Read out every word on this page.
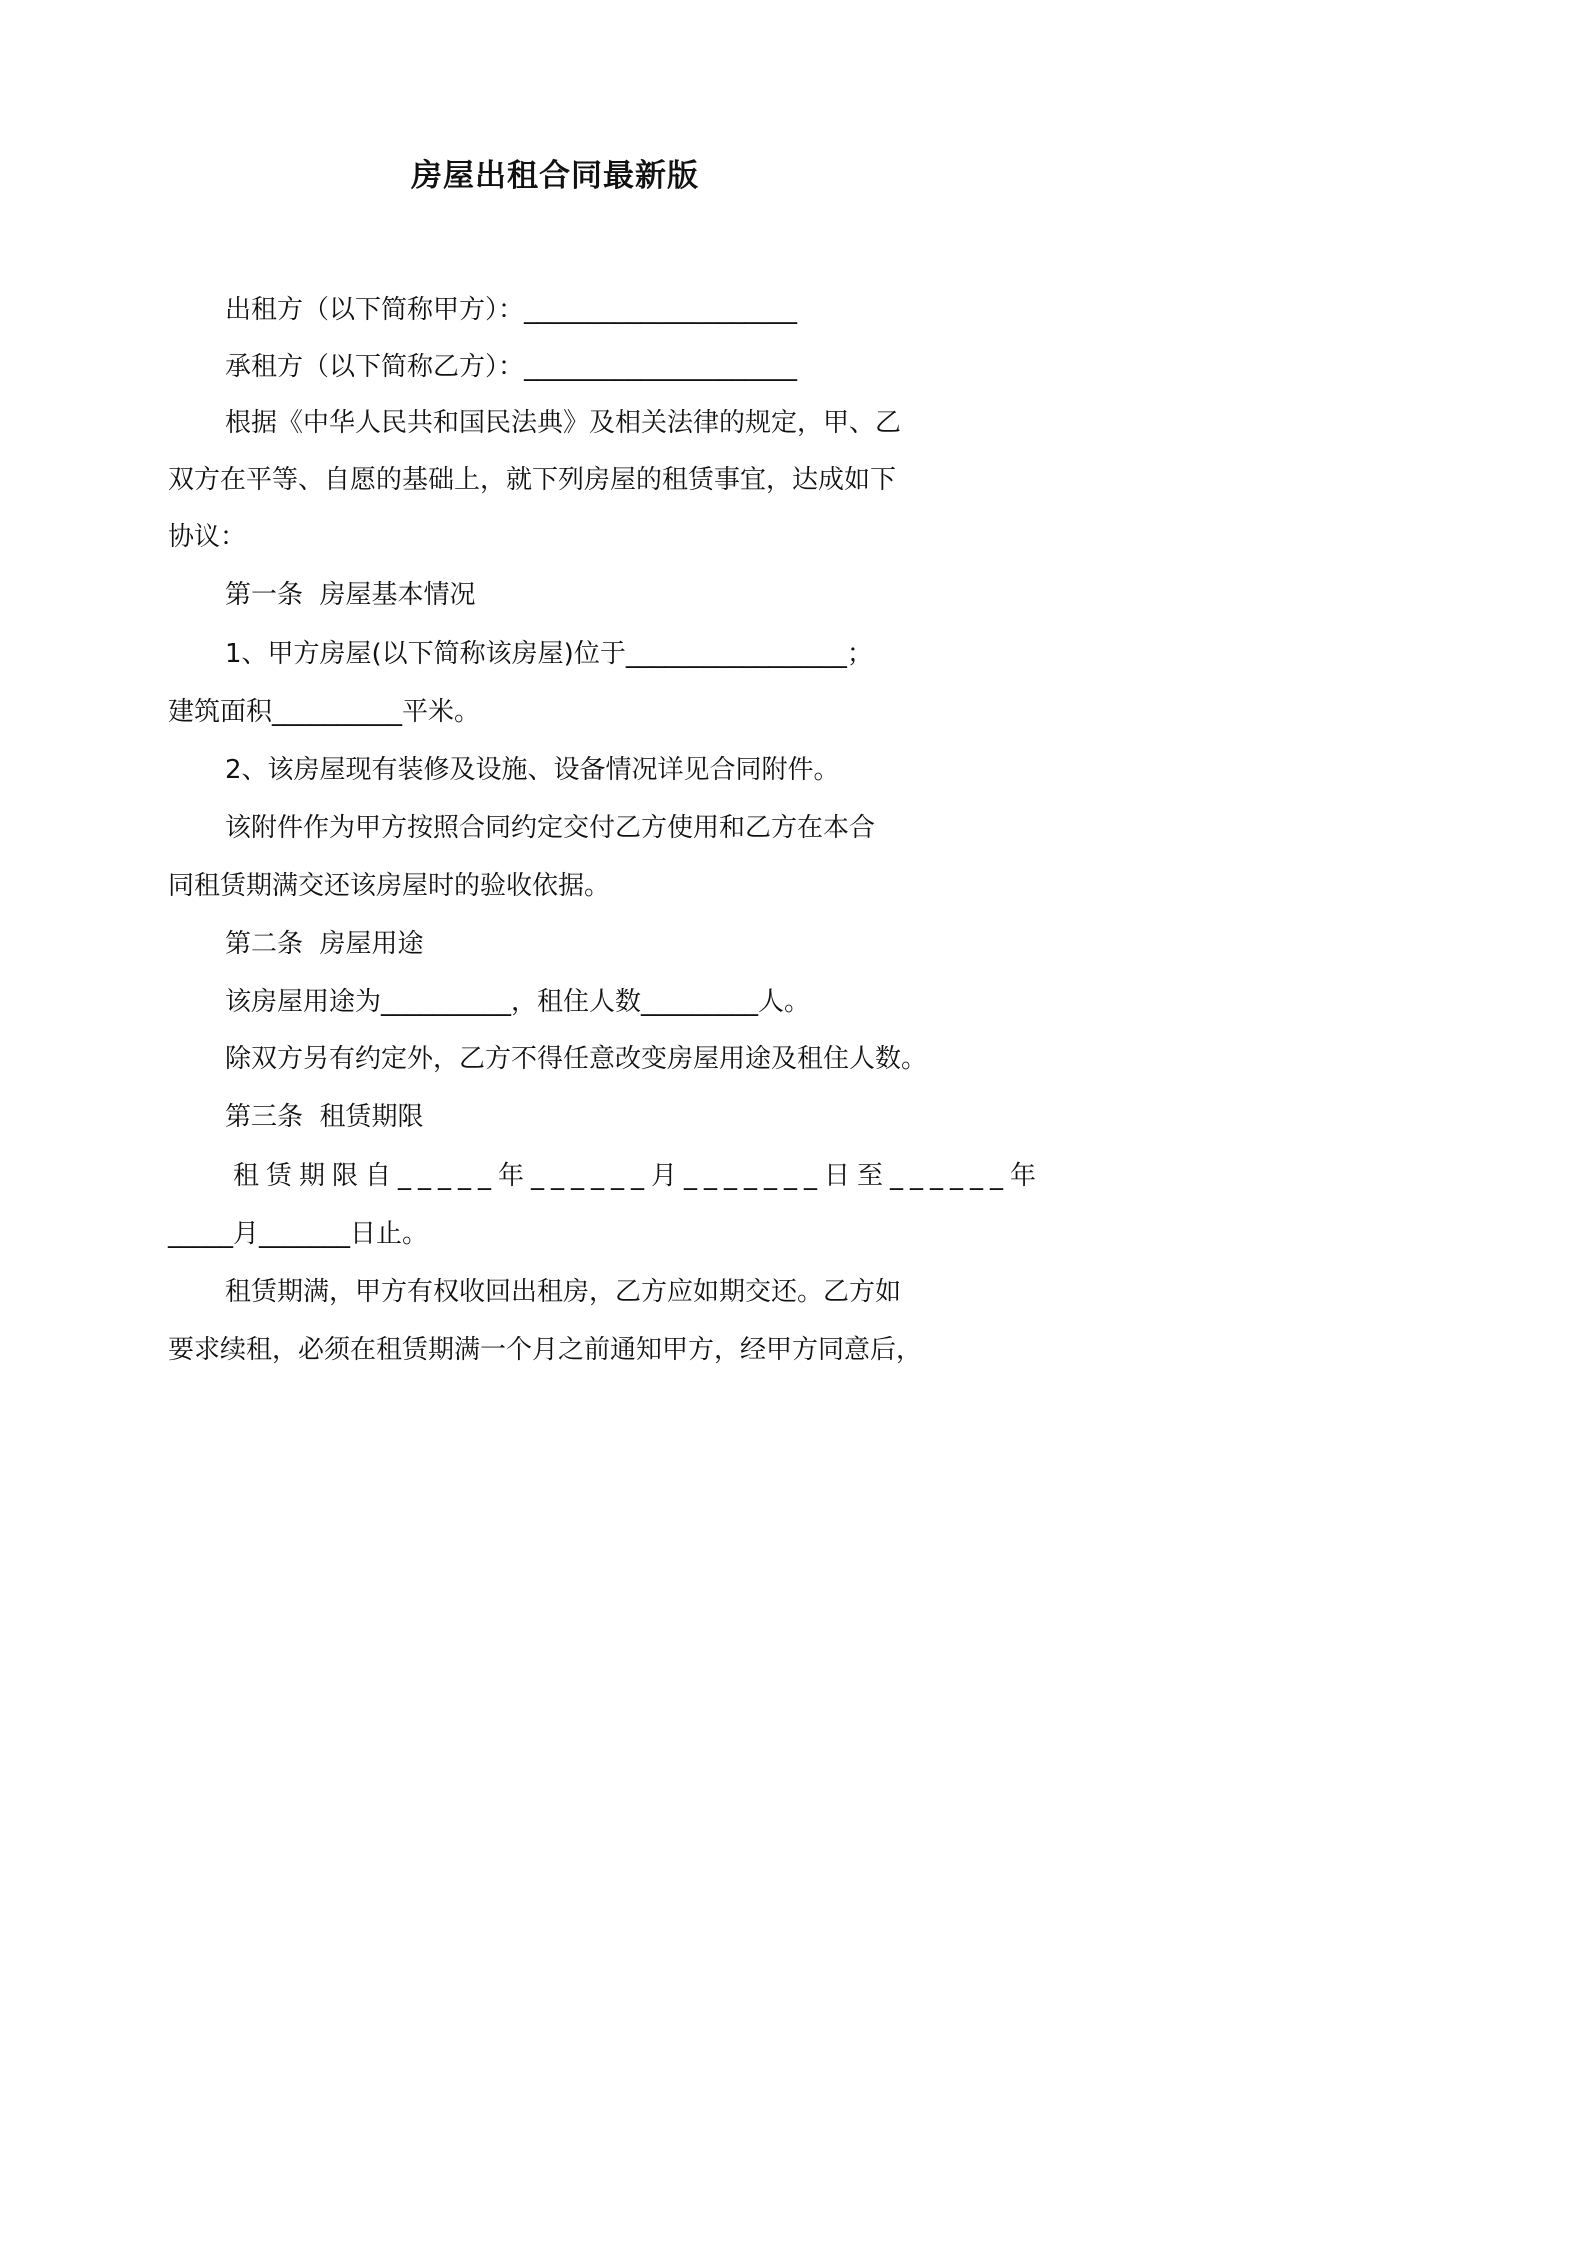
房屋出租合同最新版
出租方（以下简称甲方）：_____________________
承租方（以下简称乙方）：_____________________
根据《中华人民共和国民法典》及相关法律的规定，甲、乙
双方在平等、自愿的基础上，就下列房屋的租赁事宜，达成如下
协议：
第一条  房屋基本情况
1、甲方房屋(以下简称该房屋)位于_________________；
建筑面积__________平米。
2、该房屋现有装修及设施、设备情况详见合同附件。
该附件作为甲方按照合同约定交付乙方使用和乙方在本合
同租赁期满交还该房屋时的验收依据。
第二条  房屋用途
该房屋用途为__________，租住人数_________人。
除双方另有约定外，乙方不得任意改变房屋用途及租住人数。
第三条  租赁期限
租赁期限自_____年______月_______日至______年
_____月_______日止。
租赁期满，甲方有权收回出租房，乙方应如期交还。乙方如
要求续租，必须在租赁期满一个月之前通知甲方，经甲方同意后，
